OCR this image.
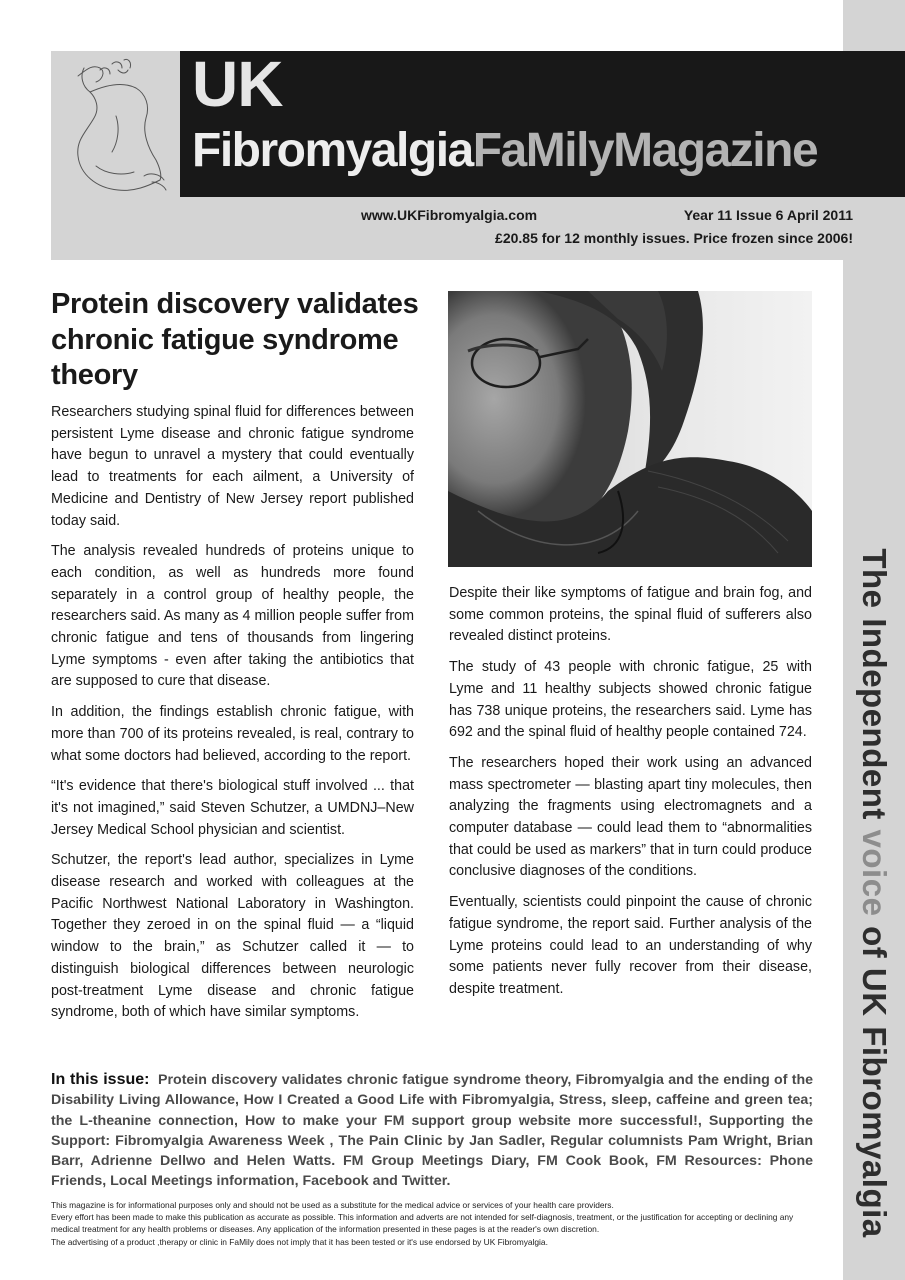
The Independent voice of UK Fibromyalgia
UK
FibromyalgiaFaMilyMagazine
www.UKFibromyalgia.com	Year 11 Issue 6 April 2011
£20.85 for 12 monthly issues. Price frozen since 2006!
Protein discovery validates chronic fatigue syndrome theory

Researchers studying spinal fluid for differences between persistent Lyme disease and chronic fatigue syndrome have begun to unravel a mystery that could eventually lead to treatments for each ailment, a University of Medicine and Dentistry of New Jersey report published today said.

The analysis revealed hundreds of proteins unique to each condition, as well as hundreds more found separately in a control group of healthy people, the researchers said. As many as 4 million people suffer from chronic fatigue and tens of thousands from lingering Lyme symptoms - even after taking the antibiotics that are supposed to cure that disease.

In addition, the findings establish chronic fatigue, with more than 700 of its proteins revealed, is real, contrary to what some doctors had believed, according to the report.

“It's evidence that there's biological stuff involved ... that it's not imagined,” said Steven Schutzer, a UMDNJ–New Jersey Medical School physician and scientist.

Schutzer, the report's lead author, specializes in Lyme disease research and worked with colleagues at the Pacific Northwest National Laboratory in Washington. Together they zeroed in on the spinal fluid — a “liquid window to the brain,” as Schutzer called it — to distinguish biological differences between neurologic post-treatment Lyme disease and chronic fatigue syndrome, both of which have similar symptoms.

Despite their like symptoms of fatigue and brain fog, and some common proteins, the spinal fluid of sufferers also revealed distinct proteins.

The study of 43 people with chronic fatigue, 25 with Lyme and 11 healthy subjects showed chronic fatigue has 738 unique proteins, the researchers said. Lyme has 692 and the spinal fluid of healthy people contained 724.

The researchers hoped their work using an advanced mass spectrometer — blasting apart tiny molecules, then analyzing the fragments using electromagnets and a computer database — could lead them to “abnormalities that could be used as markers” that in turn could produce conclusive diagnoses of the conditions.

Eventually, scientists could pinpoint the cause of chronic fatigue syndrome, the report said. Further analysis of the Lyme proteins could lead to an understanding of why some patients never fully recover from their disease, despite treatment.

In this issue: Protein discovery validates chronic fatigue syndrome theory, Fibromyalgia and the ending of the Disability Living Allowance, How I Created a Good Life with Fibromyalgia, Stress, sleep, caffeine and green tea; the L-theanine connection, How to make your FM support group website more successful!, Supporting the Support: Fibromyalgia Awareness Week , The Pain Clinic by Jan Sadler, Regular columnists Pam Wright, Brian Barr, Adrienne Dellwo and Helen Watts. FM Group Meetings Diary, FM Cook Book, FM Resources: Phone Friends, Local Meetings information, Facebook and Twitter.
This magazine is for informational purposes only and should not be used as a substitute for the medical advice or services of your health care providers.
Every effort has been made to make this publication as accurate as possible. This information and adverts are not intended for self-diagnosis, treatment, or the justification for accepting or declining any medical treatment for any health problems or diseases. Any application of the information presented in these pages is at the reader's own discretion.
The advertising of a product ,therapy or clinic in FaMily does not imply that it has been tested or it's use endorsed by UK Fibromyalgia.
